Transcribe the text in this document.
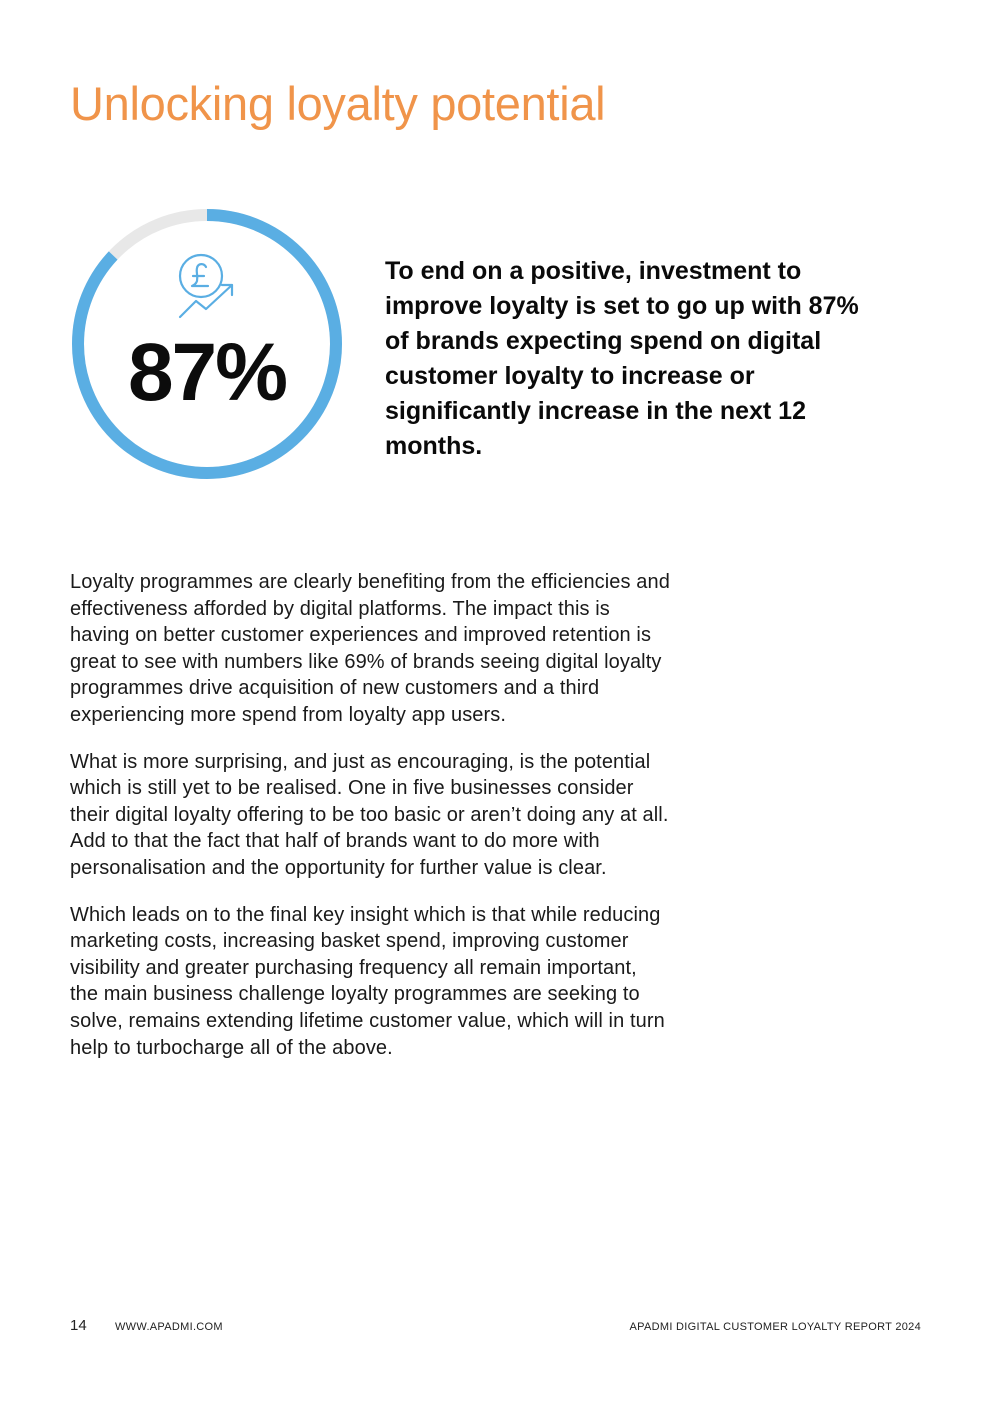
Unlocking loyalty potential
87%

To end on a positive, investment to improve loyalty is set to go up with 87% of brands expecting spend on digital customer loyalty to increase or significantly increase in the next 12 months.

Loyalty programmes are clearly benefiting from the efficiencies and effectiveness afforded by digital platforms. The impact this is having on better customer experiences and improved retention is great to see with numbers like 69% of brands seeing digital loyalty programmes drive acquisition of new customers and a third experiencing more spend from loyalty app users.

What is more surprising, and just as encouraging, is the potential which is still yet to be realised. One in five businesses consider their digital loyalty offering to be too basic or aren’t doing any at all. Add to that the fact that half of brands want to do more with personalisation and the opportunity for further value is clear.

Which leads on to the final key insight which is that while reducing marketing costs, increasing basket spend, improving customer visibility and greater purchasing frequency all remain important, the main business challenge loyalty programmes are seeking to solve, remains extending lifetime customer value, which will in turn help to turbocharge all of the above.

14	WWW.APADMI.COM	APADMI DIGITAL CUSTOMER LOYALTY REPORT 2024
